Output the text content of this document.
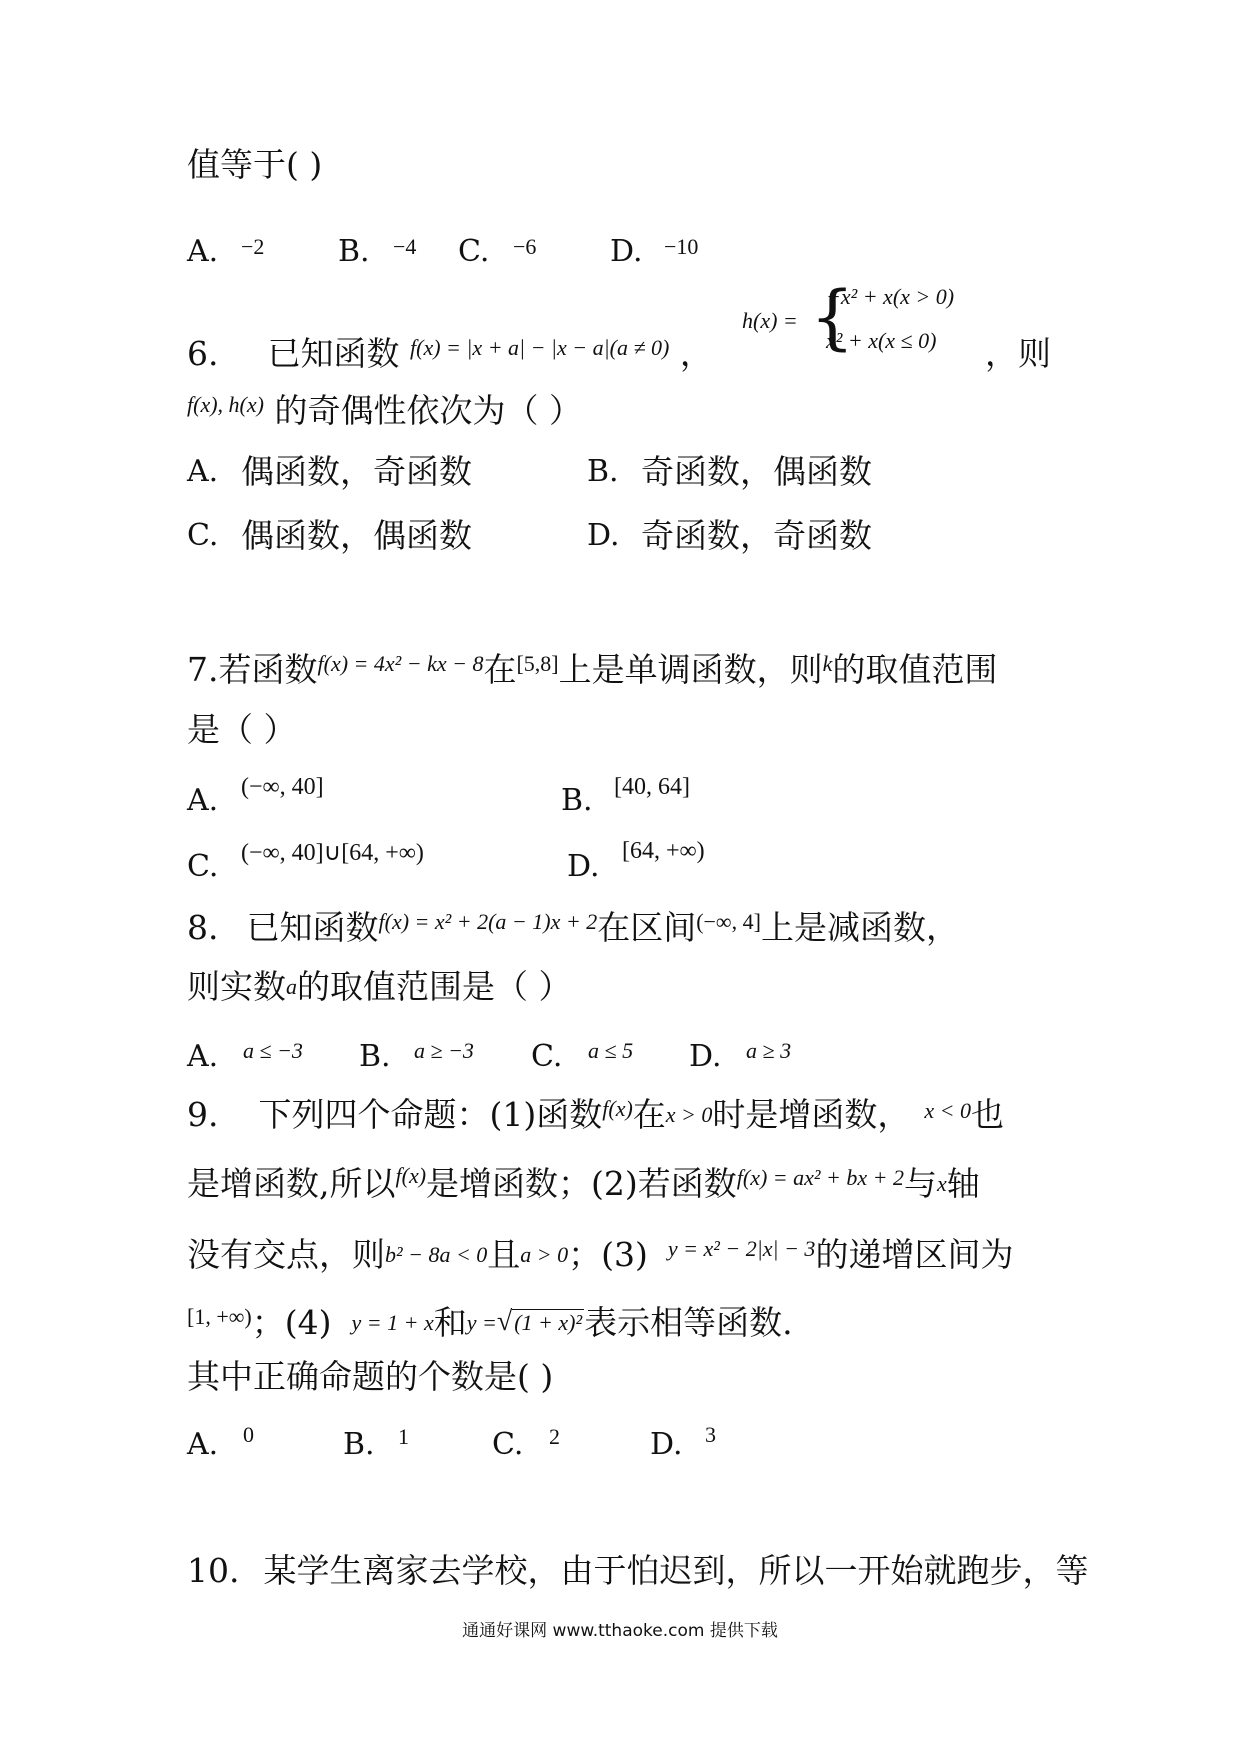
值等于( )
A. −2 B. −4 C. −6 D. −10
6. 已知函数 $^{f(x) = |x + a| - |x - a|(a \ne 0)}$ ，
h(x) = {
−x² + x(x > 0)
x² + x(x ≤ 0) ，则
$^{f(x), h(x)}$ 的奇偶性依次为（ ）
A. 偶函数，奇函数	B. 奇函数，偶函数
C. 偶函数，偶函数	D. 奇函数，奇函数
7.若函数$^{f(x) = 4x^2 - kx - 8}$在[5,8]上是单调函数，则$^k$的取值范围
是（ ）
A. (−∞, 40]	B. [40, 64]
C. (−∞, 40]∪[64, +∞)	D. [64, +∞)
8. 已知函数$^{f(x) = x^2 + 2(a - 1)x + 2}$在区间$^{(-\infty, 4]}$上是减函数，
则实数a的取值范围是（ ）
A. a ≤ −3 B. a ≥ −3 C. a ≤ 5 D. a ≥ 3
9. 下列四个命题：(1)函数$^{f(x)}$在x > 0时是增函数， $^{x < 0}$也
是增函数,所以$^{f(x)}$是增函数；(2)若函数$^{f(x) = ax^2 + bx + 2}$与x轴
没有交点，则b² − 8a < 0且a > 0；(3) $^{y = x^2 - 2|x| - 3}$的递增区间为
$^{[1, +\infty)}$；(4) y = 1 + x和y =√(1 + x)²表示相等函数.
其中正确命题的个数是( )
A. 0	B. 1	C. 2	D. 3
10. 某学生离家去学校，由于怕迟到，所以一开始就跑步，等
通通好课网 www.tthaoke.com 提供下载
